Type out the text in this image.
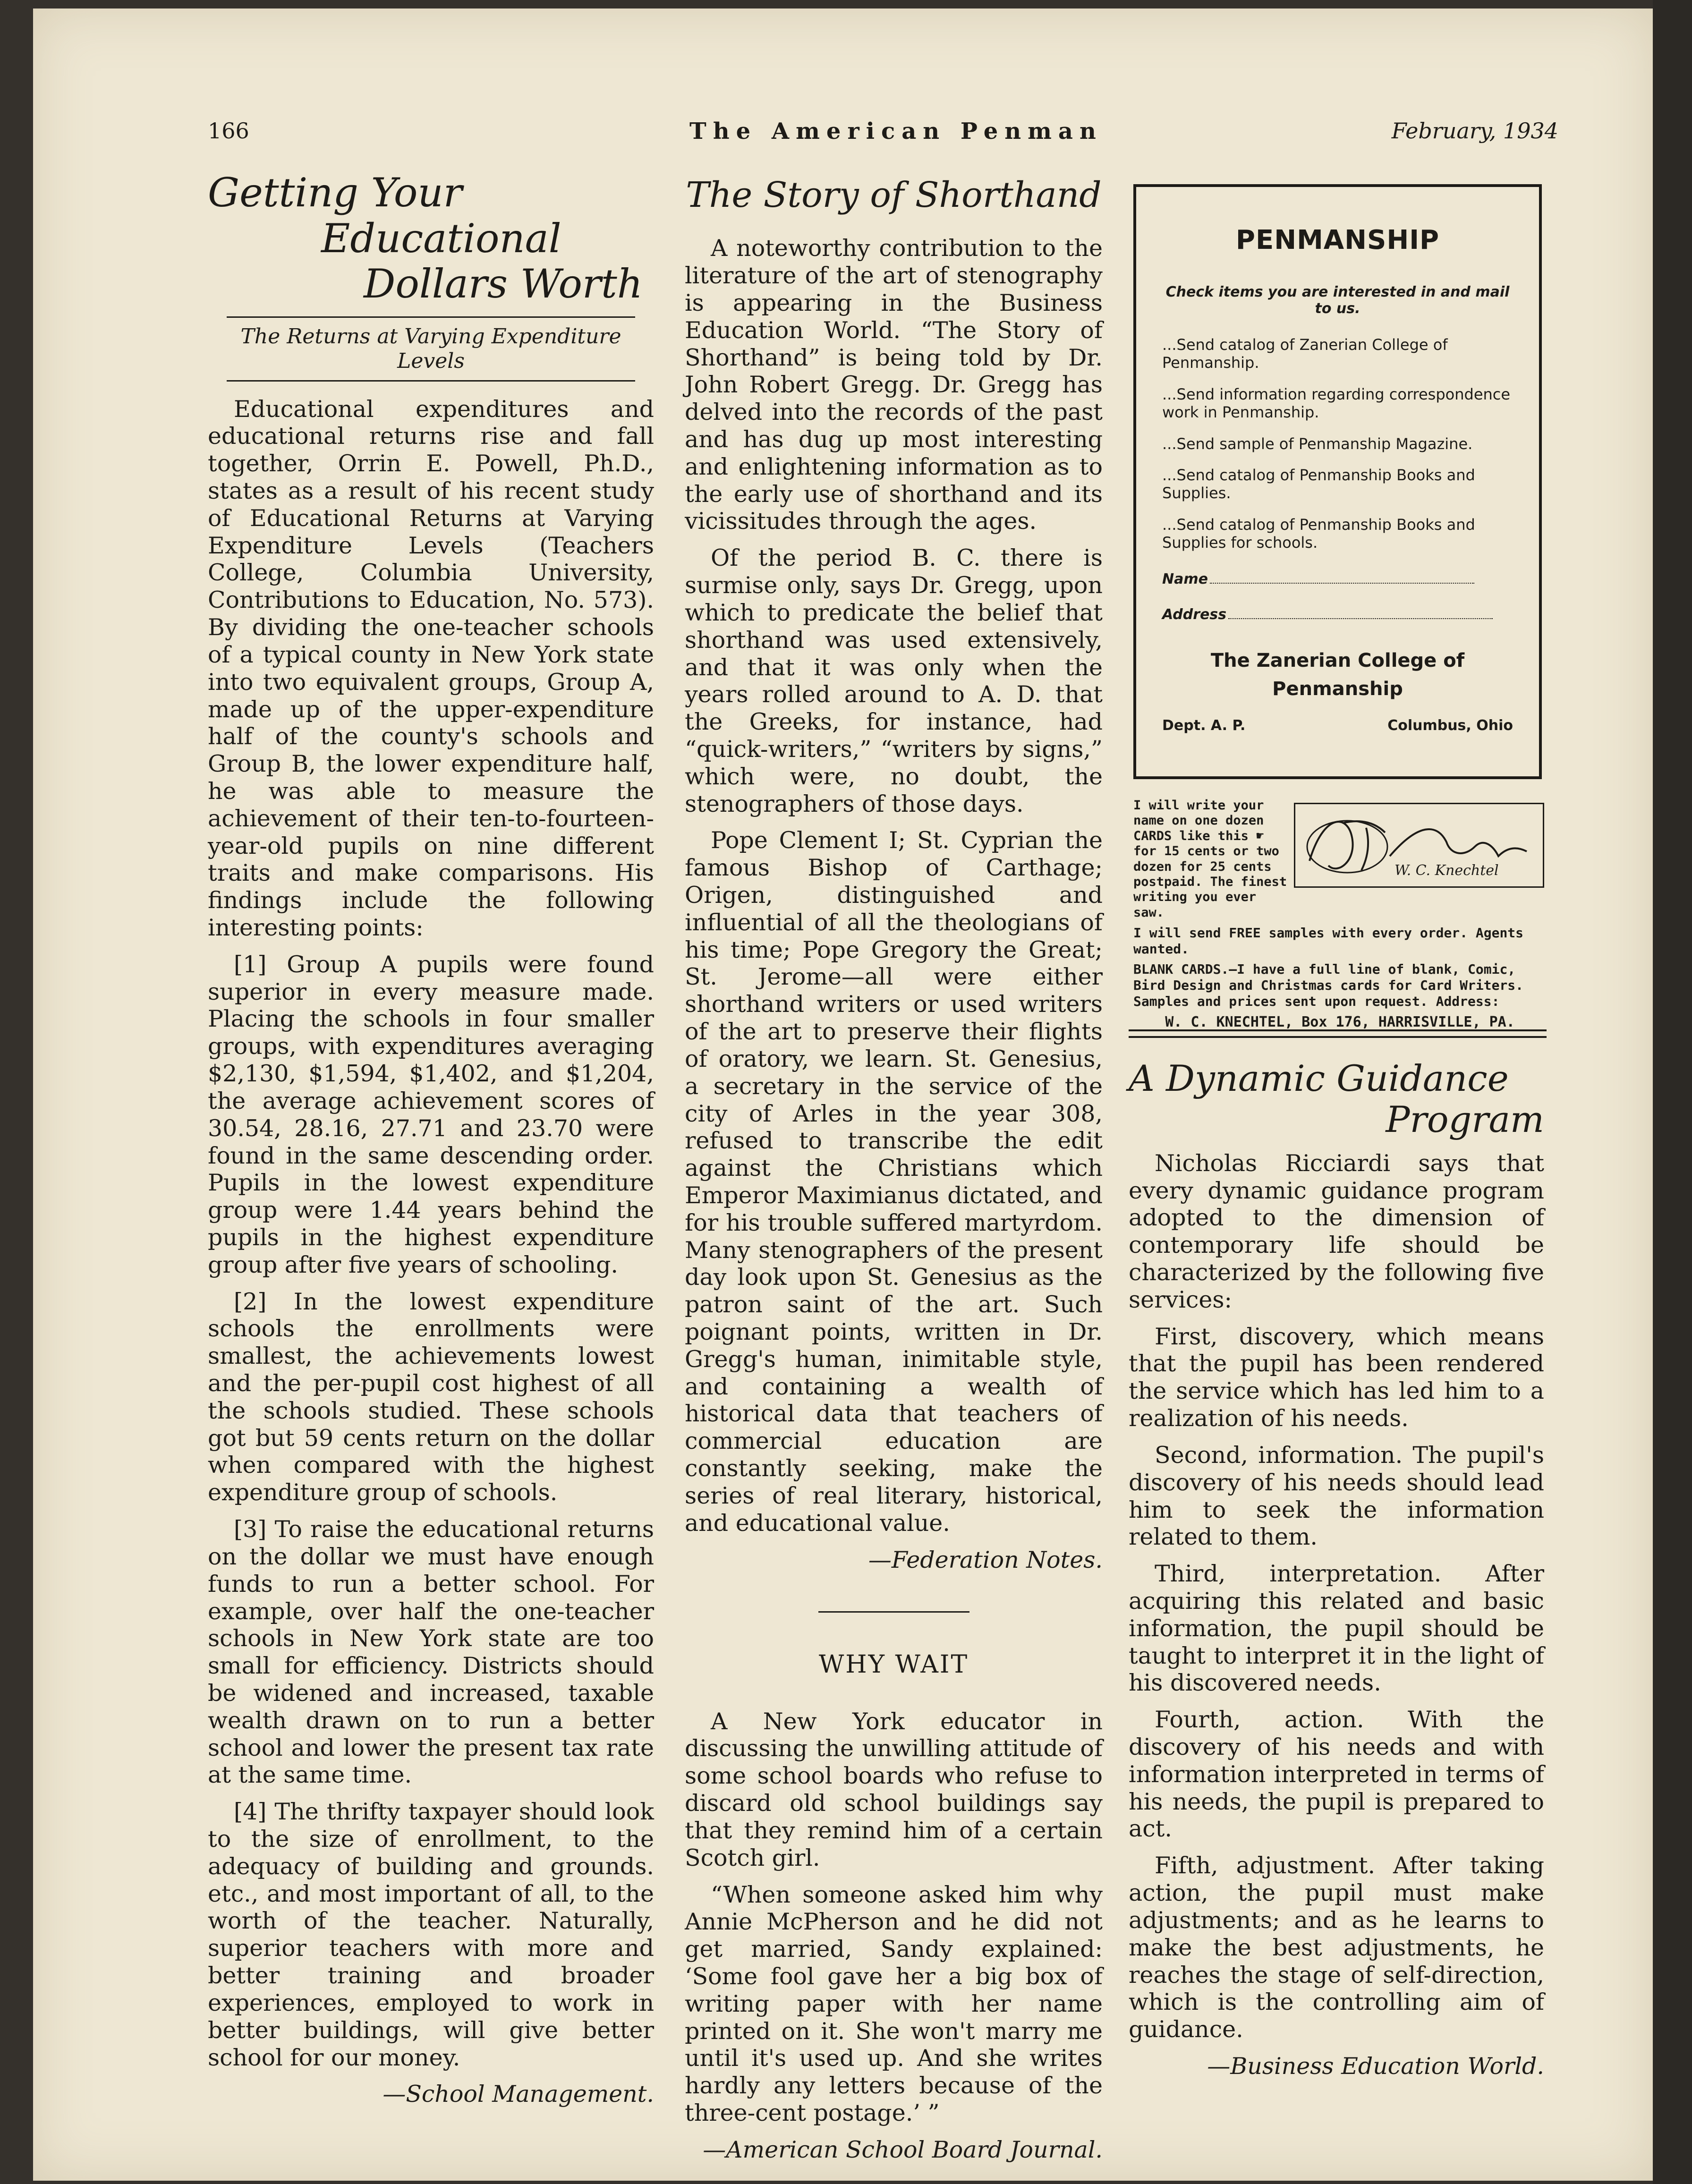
166	The American Penman	February, 1934
Getting Your
Educational
Dollars Worth
The Returns at Varying Expenditure Levels

Educational expenditures and educational returns rise and fall together, Orrin E. Powell, Ph.D., states as a result of his recent study of Educational Returns at Varying Expenditure Levels (Teachers College, Columbia University, Contributions to Education, No. 573). By dividing the one-teacher schools of a typical county in New York state into two equivalent groups, Group A, made up of the upper-expenditure half of the county's schools and Group B, the lower expenditure half, he was able to measure the achievement of their ten-to-fourteen-year-old pupils on nine different traits and make comparisons. His findings include the following interesting points:

[1] Group A pupils were found superior in every measure made. Placing the schools in four smaller groups, with expenditures averaging $2,130, $1,594, $1,402, and $1,204, the average achievement scores of 30.54, 28.16, 27.71 and 23.70 were found in the same descending order. Pupils in the lowest expenditure group were 1.44 years behind the pupils in the highest expenditure group after five years of schooling.

[2] In the lowest expenditure schools the enrollments were smallest, the achievements lowest and the per-pupil cost highest of all the schools studied. These schools got but 59 cents return on the dollar when compared with the highest expenditure group of schools.

[3] To raise the educational returns on the dollar we must have enough funds to run a better school. For example, over half the one-teacher schools in New York state are too small for efficiency. Districts should be widened and increased, taxable wealth drawn on to run a better school and lower the present tax rate at the same time.

[4] The thrifty taxpayer should look to the size of enrollment, to the adequacy of building and grounds. etc., and most important of all, to the worth of the teacher. Naturally, superior teachers with more and better training and broader experiences, employed to work in better buildings, will give better school for our money.

—School Management.
The Story of Shorthand

A noteworthy contribution to the literature of the art of stenography is appearing in the Business Education World. “The Story of Shorthand” is being told by Dr. John Robert Gregg. Dr. Gregg has delved into the records of the past and has dug up most interesting and enlightening information as to the early use of shorthand and its vicissitudes through the ages.

Of the period B. C. there is surmise only, says Dr. Gregg, upon which to predicate the belief that shorthand was used extensively, and that it was only when the years rolled around to A. D. that the Greeks, for instance, had “quick-writers,” “writers by signs,” which were, no doubt, the stenographers of those days.

Pope Clement I; St. Cyprian the famous Bishop of Carthage; Origen, distinguished and influential of all the theologians of his time; Pope Gregory the Great; St. Jerome—all were either shorthand writers or used writers of the art to preserve their flights of oratory, we learn. St. Genesius, a secretary in the service of the city of Arles in the year 308, refused to transcribe the edit against the Christians which Emperor Maximianus dictated, and for his trouble suffered martyrdom. Many stenographers of the present day look upon St. Genesius as the patron saint of the art. Such poignant points, written in Dr. Gregg's human, inimitable style, and containing a wealth of historical data that teachers of commercial education are constantly seeking, make the series of real literary, historical, and educational value.

—Federation Notes.
WHY WAIT

A New York educator in discussing the unwilling attitude of some school boards who refuse to discard old school buildings say that they remind him of a certain Scotch girl.

“When someone asked him why Annie McPherson and he did not get married, Sandy explained: ‘Some fool gave her a big box of writing paper with her name printed on it. She won't marry me until it's used up. And she writes hardly any letters because of the three-cent postage.’ ”

—American School Board Journal.
PENMANSHIP
Check items you are interested in and mail to us.
...Send catalog of Zanerian College of Penmanship.
...Send information regarding correspondence work in Penmanship.
...Send sample of Penmanship Magazine.
...Send catalog of Penmanship Books and Supplies.
...Send catalog of Penmanship Books and Supplies for schools.
Name
Address
The Zanerian College of Penmanship
Dept. A. P.	Columbus, Ohio
I will write your name on one dozen CARDS like this ☛ for 15 cents or two dozen for 25 cents postpaid. The finest writing you ever saw.
W. C. Knechtel
I will send FREE samples with every order. Agents wanted.
BLANK CARDS.—I have a full line of blank, Comic, Bird Design and Christmas cards for Card Writers. Samples and prices sent upon request. Address:
W. C. KNECHTEL, Box 176, HARRISVILLE, PA.
A Dynamic Guidance
Program

Nicholas Ricciardi says that every dynamic guidance program adopted to the dimension of contemporary life should be characterized by the following five services:

First, discovery, which means that the pupil has been rendered the service which has led him to a realization of his needs.

Second, information. The pupil's discovery of his needs should lead him to seek the information related to them.

Third, interpretation. After acquiring this related and basic information, the pupil should be taught to interpret it in the light of his discovered needs.

Fourth, action. With the discovery of his needs and with information interpreted in terms of his needs, the pupil is prepared to act.

Fifth, adjustment. After taking action, the pupil must make adjustments; and as he learns to make the best adjustments, he reaches the stage of self-direction, which is the controlling aim of guidance.

—Business Education World.
